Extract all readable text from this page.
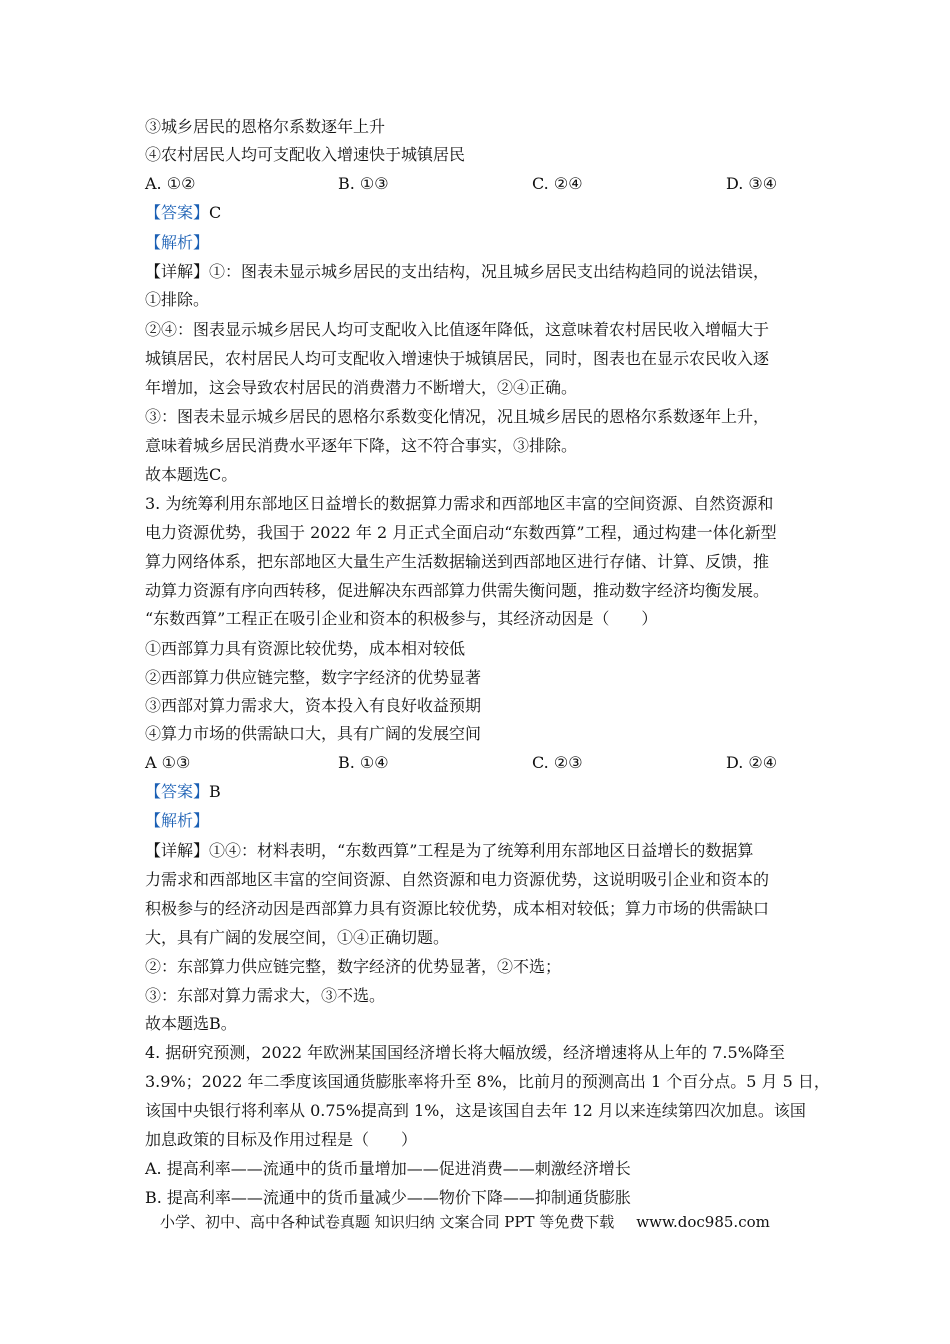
③城乡居民的恩格尔系数逐年上升
④农村居民人均可支配收入增速快于城镇居民
A. ①②	B. ①③	C. ②④	D. ③④
【答案】C
【解析】
【详解】①：图表未显示城乡居民的支出结构，况且城乡居民支出结构趋同的说法错误，
①排除。
②④：图表显示城乡居民人均可支配收入比值逐年降低，这意味着农村居民收入增幅大于
城镇居民，农村居民人均可支配收入增速快于城镇居民，同时，图表也在显示农民收入逐
年增加，这会导致农村居民的消费潜力不断增大，②④正确。
③：图表未显示城乡居民的恩格尔系数变化情况，况且城乡居民的恩格尔系数逐年上升，
意味着城乡居民消费水平逐年下降，这不符合事实，③排除。
故本题选C。
3. 为统筹利用东部地区日益增长的数据算力需求和西部地区丰富的空间资源、自然资源和
电力资源优势，我国于 2022 年 2 月正式全面启动“东数西算”工程，通过构建一体化新型
算力网络体系，把东部地区大量生产生活数据输送到西部地区进行存储、计算、反馈，推
动算力资源有序向西转移，促进解决东西部算力供需失衡问题，推动数字经济均衡发展。
“东数西算”工程正在吸引企业和资本的积极参与，其经济动因是（　　）
①西部算力具有资源比较优势，成本相对较低
②西部算力供应链完整，数字字经济的优势显著
③西部对算力需求大，资本投入有良好收益预期
④算力市场的供需缺口大，具有广阔的发展空间
A ①③	B. ①④	C. ②③	D. ②④
【答案】B
【解析】
【详解】①④：材料表明，“东数西算”工程是为了统筹利用东部地区日益增长的数据算
力需求和西部地区丰富的空间资源、自然资源和电力资源优势，这说明吸引企业和资本的
积极参与的经济动因是西部算力具有资源比较优势，成本相对较低；算力市场的供需缺口
大，具有广阔的发展空间，①④正确切题。
②：东部算力供应链完整，数字经济的优势显著，②不选；
③：东部对算力需求大，③不选。
故本题选B。
4. 据研究预测，2022 年欧洲某国国经济增长将大幅放缓，经济增速将从上年的 7.5%降至
3.9%；2022 年二季度该国通货膨胀率将升至 8%，比前月的预测高出 1 个百分点。5 月 5 日，
该国中央银行将利率从 0.75%提高到 1%，这是该国自去年 12 月以来连续第四次加息。该国
加息政策的目标及作用过程是（　　）
A. 提高利率——流通中的货币量增加——促进消费——刺激经济增长
B. 提高利率——流通中的货币量减少——物价下降——抑制通货膨胀
小学、初中、高中各种试卷真题 知识归纳 文案合同 PPT 等免费下载 www.doc985.com
